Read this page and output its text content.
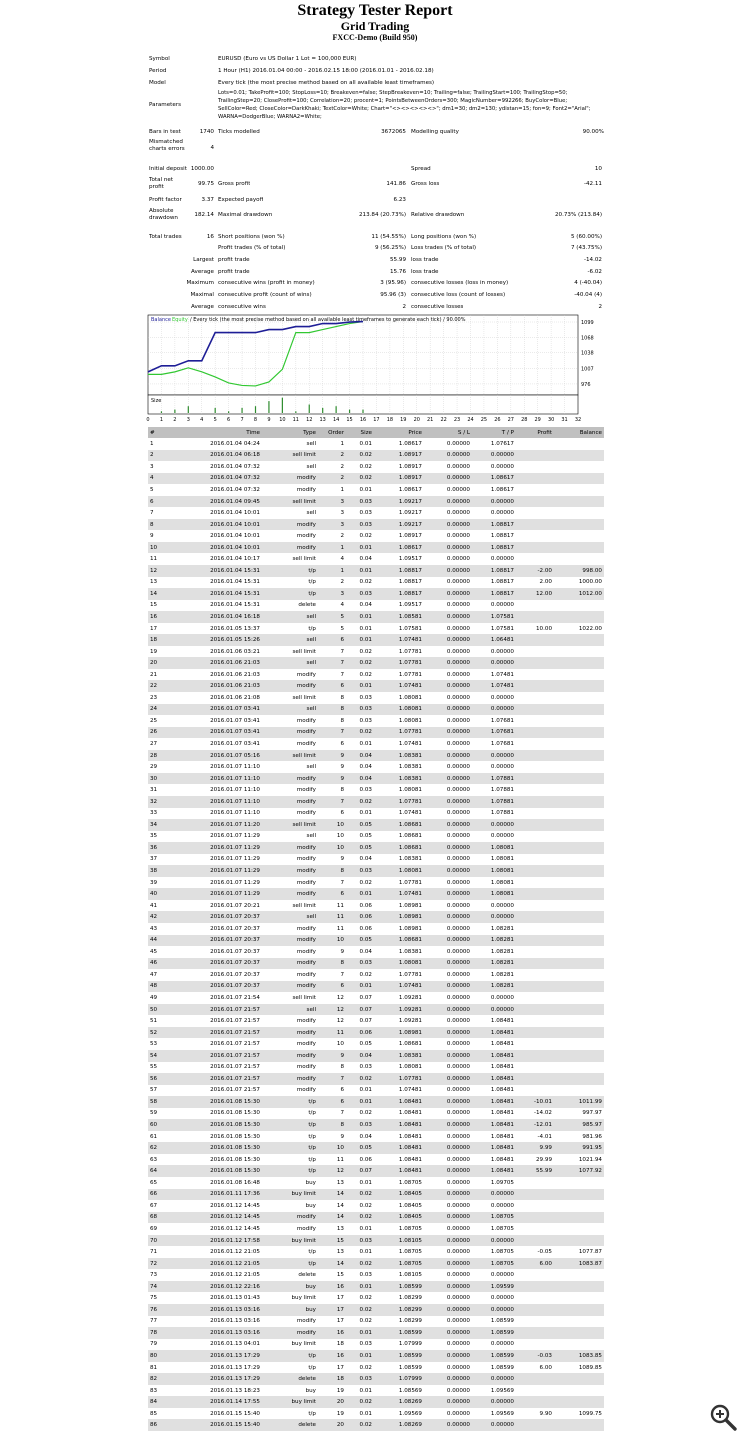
Strategy Tester Report
Grid Trading
FXCC-Demo (Build 950)
Symbol	EURUSD (Euro vs US Dollar 1 Lot = 100,000 EUR)
Period	1 Hour (H1) 2016.01.04 00:00 - 2016.02.15 18:00 (2016.01.01 - 2016.02.18)
Model	Every tick (the most precise method based on all available least timeframes)
Parameters
Bars in test	1740 Ticks modelled	3672065 Modelling quality	90.00%
Mismatched charts errors	4
Initial deposit 1000.00	Spread	10
Total net profit	99.75 Gross profit	141.86 Gross loss	-42.11
Profit factor	3.37 Expected payoff	6.23
Absolute drawdown	182.14 Maximal drawdown	213.84 (20.73%) Relative drawdown	20.73% (213.84)
Total trades	16 Short positions (won %)	11 (54.55%) Long positions (won %)	5 (60.00%)
Profit trades (% of total)	9 (56.25%) Loss trades (% of total)	7 (43.75%)
Largest profit trade	55.99 loss trade	-14.02
Average profit trade	15.76 loss trade	-6.02
Maximum consecutive wins (profit in money)	3 (95.96) consecutive losses (loss in money)	4 (-40.04)
Maximal consecutive profit (count of wins)	95.96 (3) consecutive loss (count of losses)	-40.04 (4)
Average consecutive wins	2 consecutive losses	2
Lots=0.01; TakeProfit=100; StopLoss=10; Breakeven=false; StepBreakeven=10; Trailing=false; TrailingStart=100; TrailingStop=50; TrailingStep=20; CloseProfit=100; Correlation=20; procent=1; PointsBetweenOrders=300; MagicNumber=992266; BuyColor=Blue; SellColor=Red; CloseColor=DarkKhaki; TextColor=White; Chart="<><><><><>"; dm1=30; dm2=130; ydistan=15; fon=9; Font2="Arial"; WARNA=DodgerBlue; WARNA2=White;
Balance Equity / Every tick (the most precise method based on all available least timeframes to generate each tick) / 90.00%
Size
1099
1068
1038
1007
976
0 1 2 3 4 5 6 7 8 9 10 11 12 13 14 15 16 17 18 19 20 21 22 23 24 25 26 27 28 29 30 31 32
#	Time	Type	Order	Size	Price	S / L	T / P	Profit	Balance
1	2016.01.04 04:24	sell	1	0.01	1.08617	0.00000	1.07617		
2	2016.01.04 06:18	sell limit	2	0.02	1.08917	0.00000	0.00000		
3	2016.01.04 07:32	sell	2	0.02	1.08917	0.00000	0.00000		
4	2016.01.04 07:32	modify	2	0.02	1.08917	0.00000	1.08617		
5	2016.01.04 07:32	modify	1	0.01	1.08617	0.00000	1.08617		
6	2016.01.04 09:45	sell limit	3	0.03	1.09217	0.00000	0.00000		
7	2016.01.04 10:01	sell	3	0.03	1.09217	0.00000	0.00000		
8	2016.01.04 10:01	modify	3	0.03	1.09217	0.00000	1.08817		
9	2016.01.04 10:01	modify	2	0.02	1.08917	0.00000	1.08817		
10	2016.01.04 10:01	modify	1	0.01	1.08617	0.00000	1.08817		
11	2016.01.04 10:17	sell limit	4	0.04	1.09517	0.00000	0.00000		
12	2016.01.04 15:31	t/p	1	0.01	1.08817	0.00000	1.08817	-2.00	998.00
13	2016.01.04 15:31	t/p	2	0.02	1.08817	0.00000	1.08817	2.00	1000.00
14	2016.01.04 15:31	t/p	3	0.03	1.08817	0.00000	1.08817	12.00	1012.00
15	2016.01.04 15:31	delete	4	0.04	1.09517	0.00000	0.00000		
16	2016.01.04 16:18	sell	5	0.01	1.08581	0.00000	1.07581		
17	2016.01.05 13:37	t/p	5	0.01	1.07581	0.00000	1.07581	10.00	1022.00
18	2016.01.05 15:26	sell	6	0.01	1.07481	0.00000	1.06481		
19	2016.01.06 03:21	sell limit	7	0.02	1.07781	0.00000	0.00000		
20	2016.01.06 21:03	sell	7	0.02	1.07781	0.00000	0.00000		
21	2016.01.06 21:03	modify	7	0.02	1.07781	0.00000	1.07481		
22	2016.01.06 21:03	modify	6	0.01	1.07481	0.00000	1.07481		
23	2016.01.06 21:08	sell limit	8	0.03	1.08081	0.00000	0.00000		
24	2016.01.07 03:41	sell	8	0.03	1.08081	0.00000	0.00000		
25	2016.01.07 03:41	modify	8	0.03	1.08081	0.00000	1.07681		
26	2016.01.07 03:41	modify	7	0.02	1.07781	0.00000	1.07681		
27	2016.01.07 03:41	modify	6	0.01	1.07481	0.00000	1.07681		
28	2016.01.07 05:16	sell limit	9	0.04	1.08381	0.00000	0.00000		
29	2016.01.07 11:10	sell	9	0.04	1.08381	0.00000	0.00000		
30	2016.01.07 11:10	modify	9	0.04	1.08381	0.00000	1.07881		
31	2016.01.07 11:10	modify	8	0.03	1.08081	0.00000	1.07881		
32	2016.01.07 11:10	modify	7	0.02	1.07781	0.00000	1.07881		
33	2016.01.07 11:10	modify	6	0.01	1.07481	0.00000	1.07881		
34	2016.01.07 11:20	sell limit	10	0.05	1.08681	0.00000	0.00000		
35	2016.01.07 11:29	sell	10	0.05	1.08681	0.00000	0.00000		
36	2016.01.07 11:29	modify	10	0.05	1.08681	0.00000	1.08081		
37	2016.01.07 11:29	modify	9	0.04	1.08381	0.00000	1.08081		
38	2016.01.07 11:29	modify	8	0.03	1.08081	0.00000	1.08081		
39	2016.01.07 11:29	modify	7	0.02	1.07781	0.00000	1.08081		
40	2016.01.07 11:29	modify	6	0.01	1.07481	0.00000	1.08081		
41	2016.01.07 20:21	sell limit	11	0.06	1.08981	0.00000	0.00000		
42	2016.01.07 20:37	sell	11	0.06	1.08981	0.00000	0.00000		
43	2016.01.07 20:37	modify	11	0.06	1.08981	0.00000	1.08281		
44	2016.01.07 20:37	modify	10	0.05	1.08681	0.00000	1.08281		
45	2016.01.07 20:37	modify	9	0.04	1.08381	0.00000	1.08281		
46	2016.01.07 20:37	modify	8	0.03	1.08081	0.00000	1.08281		
47	2016.01.07 20:37	modify	7	0.02	1.07781	0.00000	1.08281		
48	2016.01.07 20:37	modify	6	0.01	1.07481	0.00000	1.08281		
49	2016.01.07 21:54	sell limit	12	0.07	1.09281	0.00000	0.00000		
50	2016.01.07 21:57	sell	12	0.07	1.09281	0.00000	0.00000		
51	2016.01.07 21:57	modify	12	0.07	1.09281	0.00000	1.08481		
52	2016.01.07 21:57	modify	11	0.06	1.08981	0.00000	1.08481		
53	2016.01.07 21:57	modify	10	0.05	1.08681	0.00000	1.08481		
54	2016.01.07 21:57	modify	9	0.04	1.08381	0.00000	1.08481		
55	2016.01.07 21:57	modify	8	0.03	1.08081	0.00000	1.08481		
56	2016.01.07 21:57	modify	7	0.02	1.07781	0.00000	1.08481		
57	2016.01.07 21:57	modify	6	0.01	1.07481	0.00000	1.08481		
58	2016.01.08 15:30	t/p	6	0.01	1.08481	0.00000	1.08481	-10.01	1011.99
59	2016.01.08 15:30	t/p	7	0.02	1.08481	0.00000	1.08481	-14.02	997.97
60	2016.01.08 15:30	t/p	8	0.03	1.08481	0.00000	1.08481	-12.01	985.97
61	2016.01.08 15:30	t/p	9	0.04	1.08481	0.00000	1.08481	-4.01	981.96
62	2016.01.08 15:30	t/p	10	0.05	1.08481	0.00000	1.08481	9.99	991.95
63	2016.01.08 15:30	t/p	11	0.06	1.08481	0.00000	1.08481	29.99	1021.94
64	2016.01.08 15:30	t/p	12	0.07	1.08481	0.00000	1.08481	55.99	1077.92
65	2016.01.08 16:48	buy	13	0.01	1.08705	0.00000	1.09705		
66	2016.01.11 17:36	buy limit	14	0.02	1.08405	0.00000	0.00000		
67	2016.01.12 14:45	buy	14	0.02	1.08405	0.00000	0.00000		
68	2016.01.12 14:45	modify	14	0.02	1.08405	0.00000	1.08705		
69	2016.01.12 14:45	modify	13	0.01	1.08705	0.00000	1.08705		
70	2016.01.12 17:58	buy limit	15	0.03	1.08105	0.00000	0.00000		
71	2016.01.12 21:05	t/p	13	0.01	1.08705	0.00000	1.08705	-0.05	1077.87
72	2016.01.12 21:05	t/p	14	0.02	1.08705	0.00000	1.08705	6.00	1083.87
73	2016.01.12 21:05	delete	15	0.03	1.08105	0.00000	0.00000		
74	2016.01.12 22:16	buy	16	0.01	1.08599	0.00000	1.09599		
75	2016.01.13 01:43	buy limit	17	0.02	1.08299	0.00000	0.00000		
76	2016.01.13 03:16	buy	17	0.02	1.08299	0.00000	0.00000		
77	2016.01.13 03:16	modify	17	0.02	1.08299	0.00000	1.08599		
78	2016.01.13 03:16	modify	16	0.01	1.08599	0.00000	1.08599		
79	2016.01.13 04:01	buy limit	18	0.03	1.07999	0.00000	0.00000		
80	2016.01.13 17:29	t/p	16	0.01	1.08599	0.00000	1.08599	-0.03	1083.85
81	2016.01.13 17:29	t/p	17	0.02	1.08599	0.00000	1.08599	6.00	1089.85
82	2016.01.13 17:29	delete	18	0.03	1.07999	0.00000	0.00000		
83	2016.01.13 18:23	buy	19	0.01	1.08569	0.00000	1.09569		
84	2016.01.14 17:55	buy limit	20	0.02	1.08269	0.00000	0.00000		
85	2016.01.15 15:40	t/p	19	0.01	1.09569	0.00000	1.09569	9.90	1099.75
86	2016.01.15 15:40	delete	20	0.02	1.08269	0.00000	0.00000		
